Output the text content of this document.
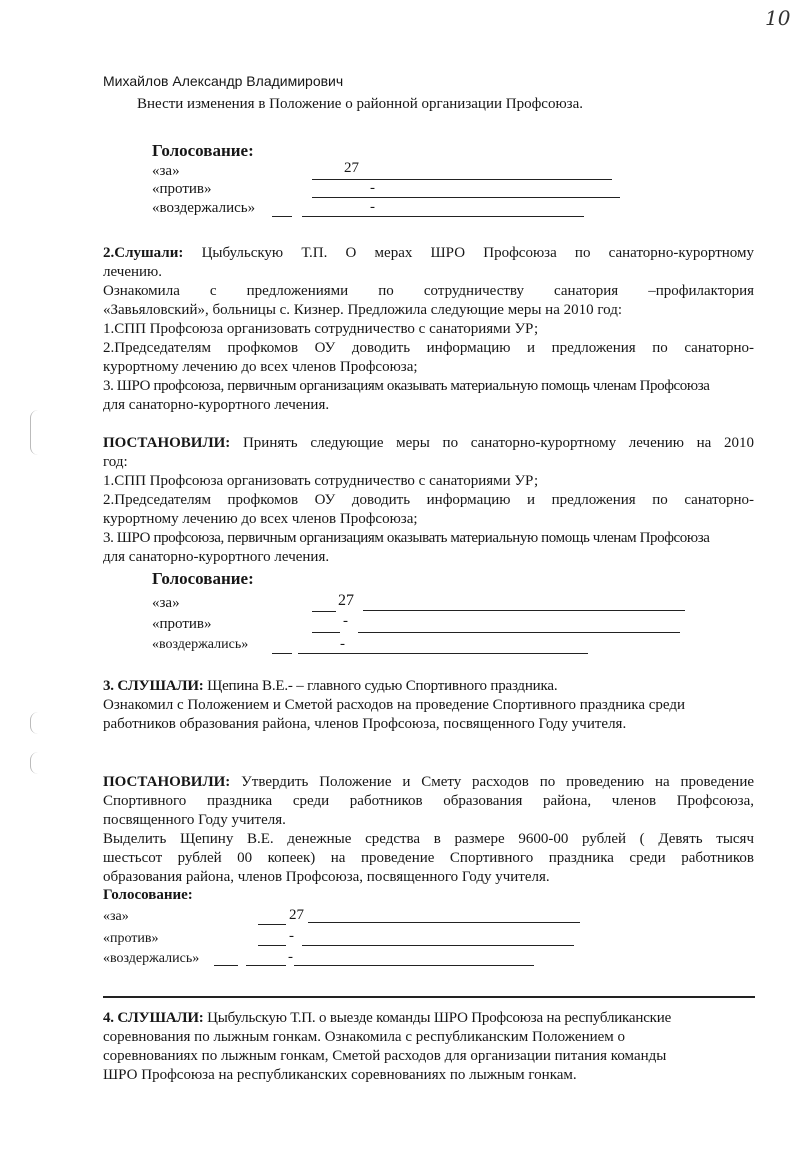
10
Михайлов Александр Владимирович
Внести изменения в Положение о районной организации Профсоюза.
Голосование:
«за»	27
«против»	-
«воздержались»	-
2.Слушали: Цыбульскую Т.П. О мерах ШРО Профсоюза по санаторно-курортному
лечению.
Ознакомила с предложениями по сотрудничеству санатория –профилактория
«Завьяловский», больницы с. Кизнер. Предложила следующие меры на 2010 год:
1.СПП Профсоюза организовать сотрудничество с санаториями УР;
2.Председателям профкомов ОУ доводить информацию и предложения по санаторно-
курортному лечению до всех членов Профсоюза;
3. ШРО профсоюза, первичным организациям оказывать материальную помощь членам Профсоюза
для санаторно-курортного лечения.
ПОСТАНОВИЛИ: Принять следующие меры по санаторно-курортному лечению на 2010
год:
1.СПП Профсоюза организовать сотрудничество с санаториями УР;
2.Председателям профкомов ОУ доводить информацию и предложения по санаторно-
курортному лечению до всех членов Профсоюза;
3. ШРО профсоюза, первичным организациям оказывать материальную помощь членам Профсоюза
для санаторно-курортного лечения.
Голосование:
«за»	27
«против»	-
«воздержались»	-
3. СЛУШАЛИ: Щепина В.Е.- – главного судью Спортивного праздника.
Ознакомил с Положением и Сметой расходов на проведение Спортивного праздника среди
работников образования района, членов Профсоюза, посвященного Году учителя.
ПОСТАНОВИЛИ: Утвердить Положение и Смету расходов по проведению на проведение
Спортивного праздника среди работников образования района, членов Профсоюза,
посвященного Году учителя.
Выделить Щепину В.Е. денежные средства в размере 9600-00 рублей ( Девять тысяч
шестьсот рублей 00 копеек) на проведение Спортивного праздника среди работников
образования района, членов Профсоюза, посвященного Году учителя.
Голосование:
«за»	27
«против»	-
«воздержались»	-
4. СЛУШАЛИ: Цыбульскую Т.П. о выезде команды ШРО Профсоюза на республиканские
соревнования по лыжным гонкам. Ознакомила с республиканским Положением о
соревнованиях по лыжным гонкам, Сметой расходов для организации питания команды
ШРО Профсоюза на республиканских соревнованиях по лыжным гонкам.
